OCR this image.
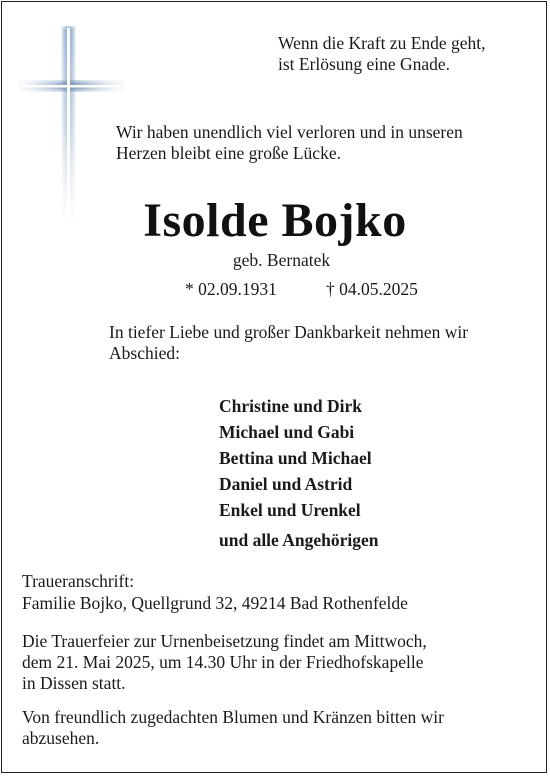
Wenn die Kraft zu Ende geht,
ist Erlösung eine Gnade.
Wir haben unendlich viel verloren und in unseren
Herzen bleibt eine große Lücke.
Isolde Bojko
geb. Bernatek
* 02.09.1931	† 04.05.2025
In tiefer Liebe und großer Dankbarkeit nehmen wir
Abschied:
Christine und Dirk
Michael und Gabi
Bettina und Michael
Daniel und Astrid
Enkel und Urenkel
und alle Angehörigen
Traueranschrift:
Familie Bojko, Quellgrund 32, 49214 Bad Rothenfelde
Die Trauerfeier zur Urnenbeisetzung findet am Mittwoch,
dem 21. Mai 2025, um 14.30 Uhr in der Friedhofskapelle
in Dissen statt.
Von freundlich zugedachten Blumen und Kränzen bitten wir
abzusehen.
